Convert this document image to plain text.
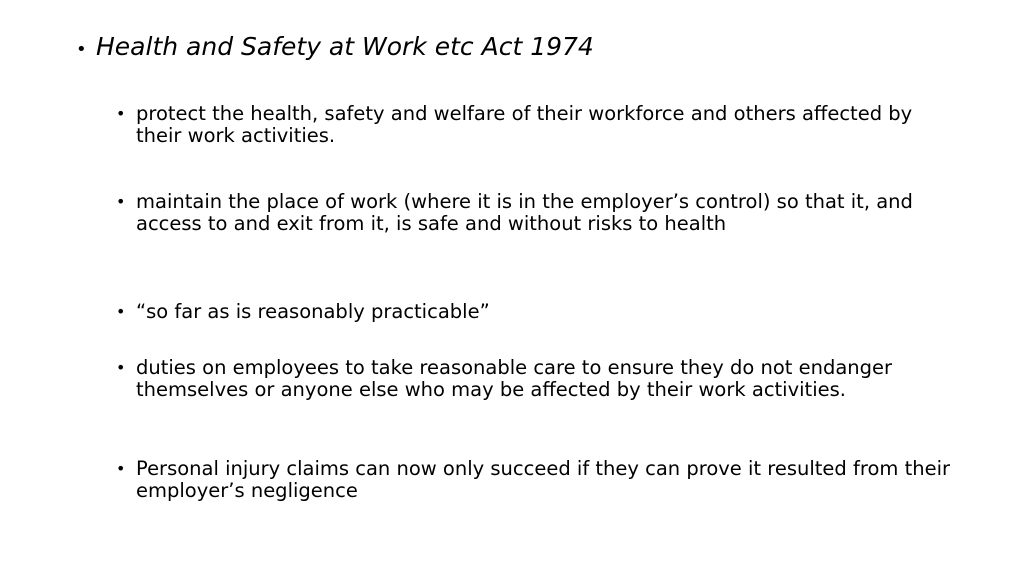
• Health and Safety at Work etc Act 1974
• protect the health, safety and welfare of their workforce and others affected by their work activities.
• maintain the place of work (where it is in the employer’s control) so that it, and access to and exit from it, is safe and without risks to health
• “so far as is reasonably practicable”
• duties on employees to take reasonable care to ensure they do not endanger themselves or anyone else who may be affected by their work activities.
• Personal injury claims can now only succeed if they can prove it resulted from their employer’s negligence
